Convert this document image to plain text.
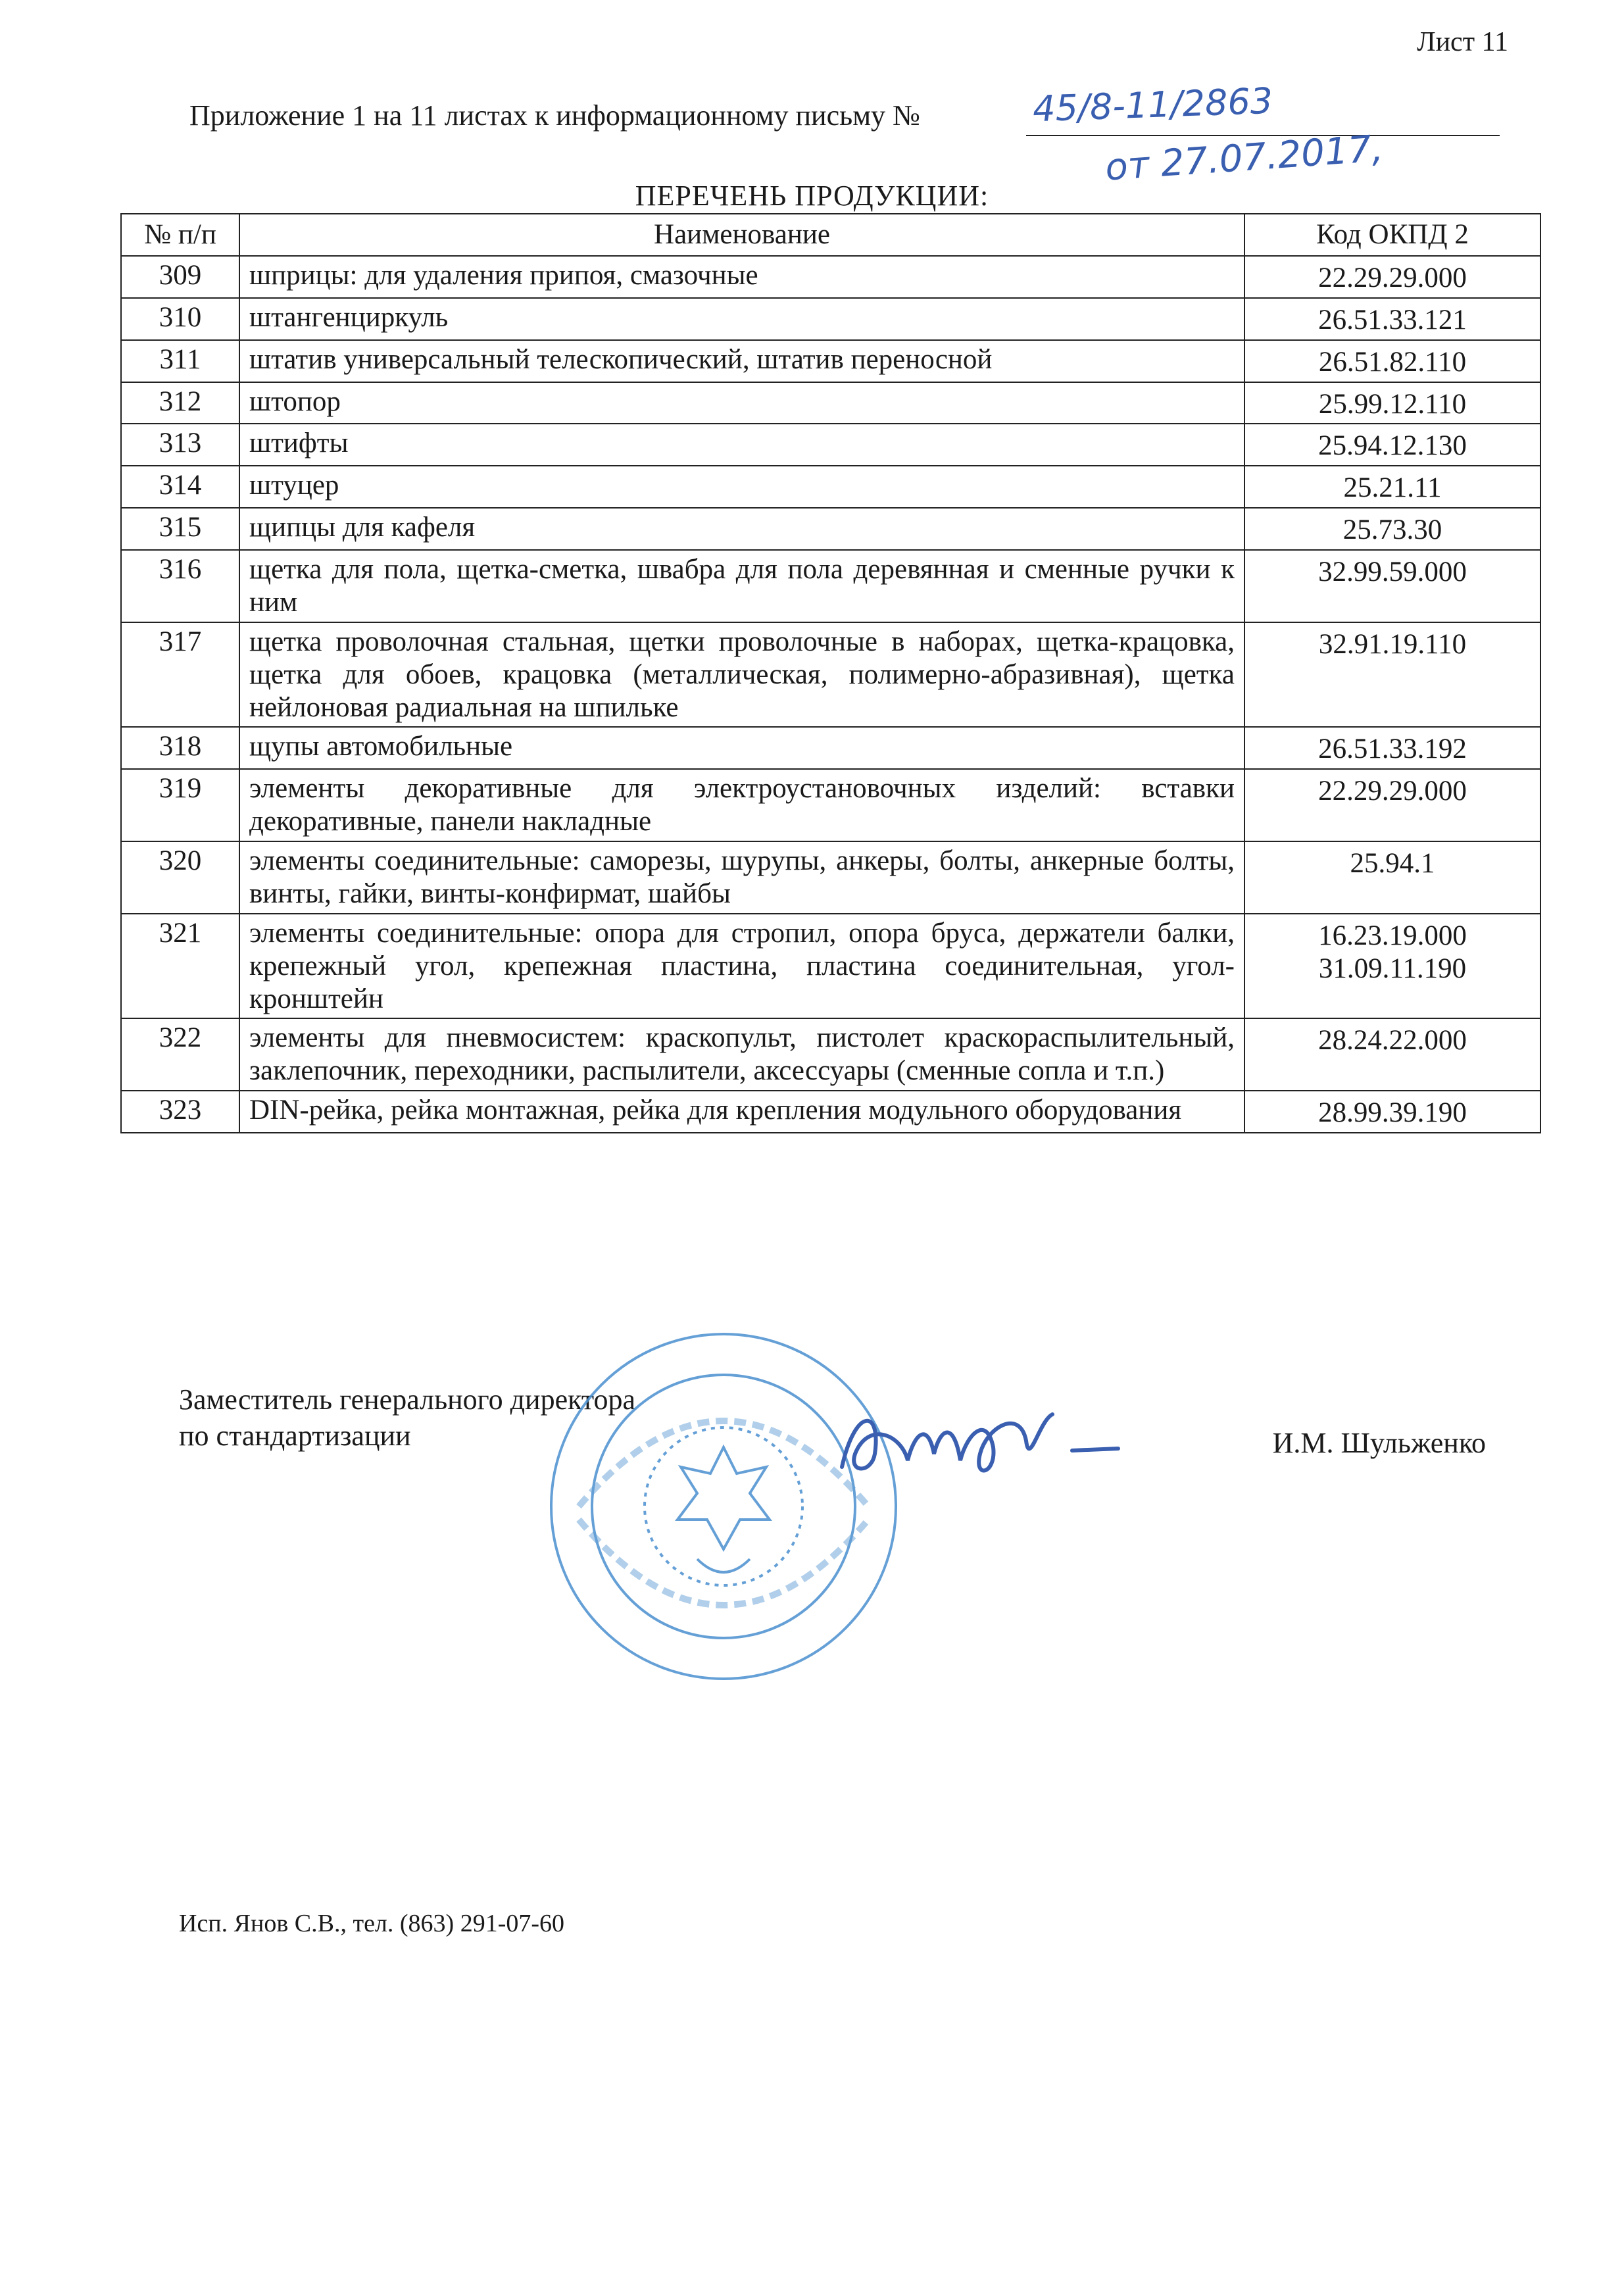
Лист 11
Приложение 1 на 11 листах к информационному письму №	45/8-11/2863
от 27.07.2017,
ПЕРЕЧЕНЬ ПРОДУКЦИИ:
№ п/п	Наименование	Код ОКПД 2
309	шприцы: для удаления припоя, смазочные	22.29.29.000

310	штангенциркуль	26.51.33.121

311	штатив универсальный телескопический, штатив переносной	26.51.82.110

312	штопор	25.99.12.110

313	штифты	25.94.12.130

314	штуцер	25.21.11

315	щипцы для кафеля	25.73.30

316	щетка для пола, щетка-сметка, швабра для пола деревянная и сменные ручки к ним	32.99.59.000

317	щетка проволочная стальная, щетки проволочные в наборах, щетка-крацовка, щетка для обоев, крацовка (металлическая, полимерно-абразивная), щетка нейлоновая радиальная на шпильке	32.91.19.110

318	щупы автомобильные	26.51.33.192

319	элементы декоративные для электроустановочных изделий: вставки декоративные, панели накладные	22.29.29.000

320	элементы соединительные: саморезы, шурупы, анкеры, болты, анкерные болты, винты, гайки, винты-конфирмат, шайбы	25.94.1

321	элементы соединительные: опора для стропил, опора бруса, держатели балки, крепежный угол, крепежная пластина, пластина соединительная, угол-кронштейн	16.23.19.000
31.09.11.190

322	элементы для пневмосистем: краскопульт, пистолет краскораспылительный, заклепочник, переходники, распылители, аксессуары (сменные сопла и т.п.)	28.24.22.000

323	DIN-рейка, рейка монтажная, рейка для крепления модульного оборудования	28.99.39.190
Заместитель генерального директора
по стандартизации	И.М. Шульженко
Исп. Янов С.В., тел. (863) 291-07-60
